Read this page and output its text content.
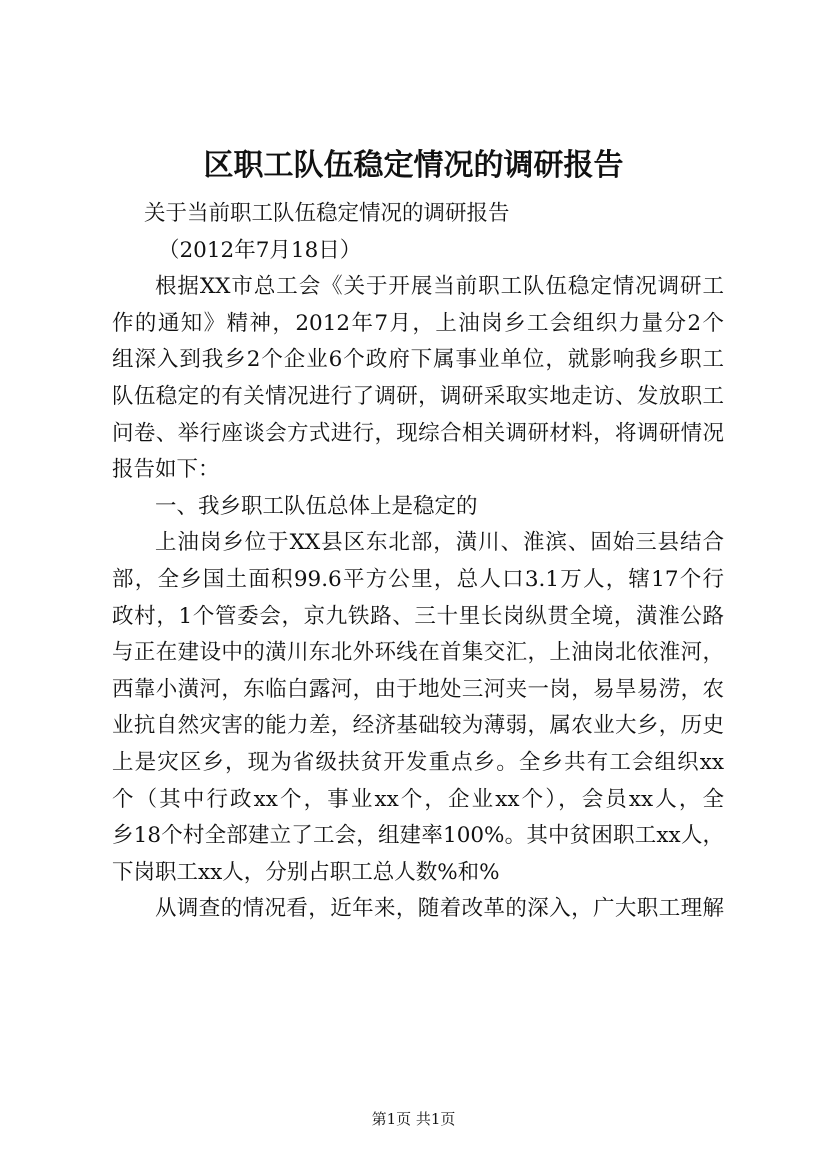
区职工队伍稳定情况的调研报告
关于当前职工队伍稳定情况的调研报告
（2012年7月18日）
根据XX市总工会《关于开展当前职工队伍稳定情况调研工
作的通知》精神，2012年7月，上油岗乡工会组织力量分2个
组深入到我乡2个企业6个政府下属事业单位，就影响我乡职工
队伍稳定的有关情况进行了调研，调研采取实地走访、发放职工
问卷、举行座谈会方式进行，现综合相关调研材料，将调研情况
报告如下：
一、我乡职工队伍总体上是稳定的
上油岗乡位于XX县区东北部，潢川、淮滨、固始三县结合
部，全乡国土面积99.6平方公里，总人口3.1万人，辖17个行
政村，1个管委会，京九铁路、三十里长岗纵贯全境，潢淮公路
与正在建设中的潢川东北外环线在首集交汇，上油岗北依淮河，
西靠小潢河，东临白露河，由于地处三河夹一岗，易旱易涝，农
业抗自然灾害的能力差，经济基础较为薄弱，属农业大乡，历史
上是灾区乡，现为省级扶贫开发重点乡。全乡共有工会组织xx
个（其中行政xx个，事业xx个，企业xx个），会员xx人，全
乡18个村全部建立了工会，组建率100%。其中贫困职工xx人，
下岗职工xx人，分别占职工总人数%和%
从调查的情况看，近年来，随着改革的深入，广大职工理解
第1页 共1页
